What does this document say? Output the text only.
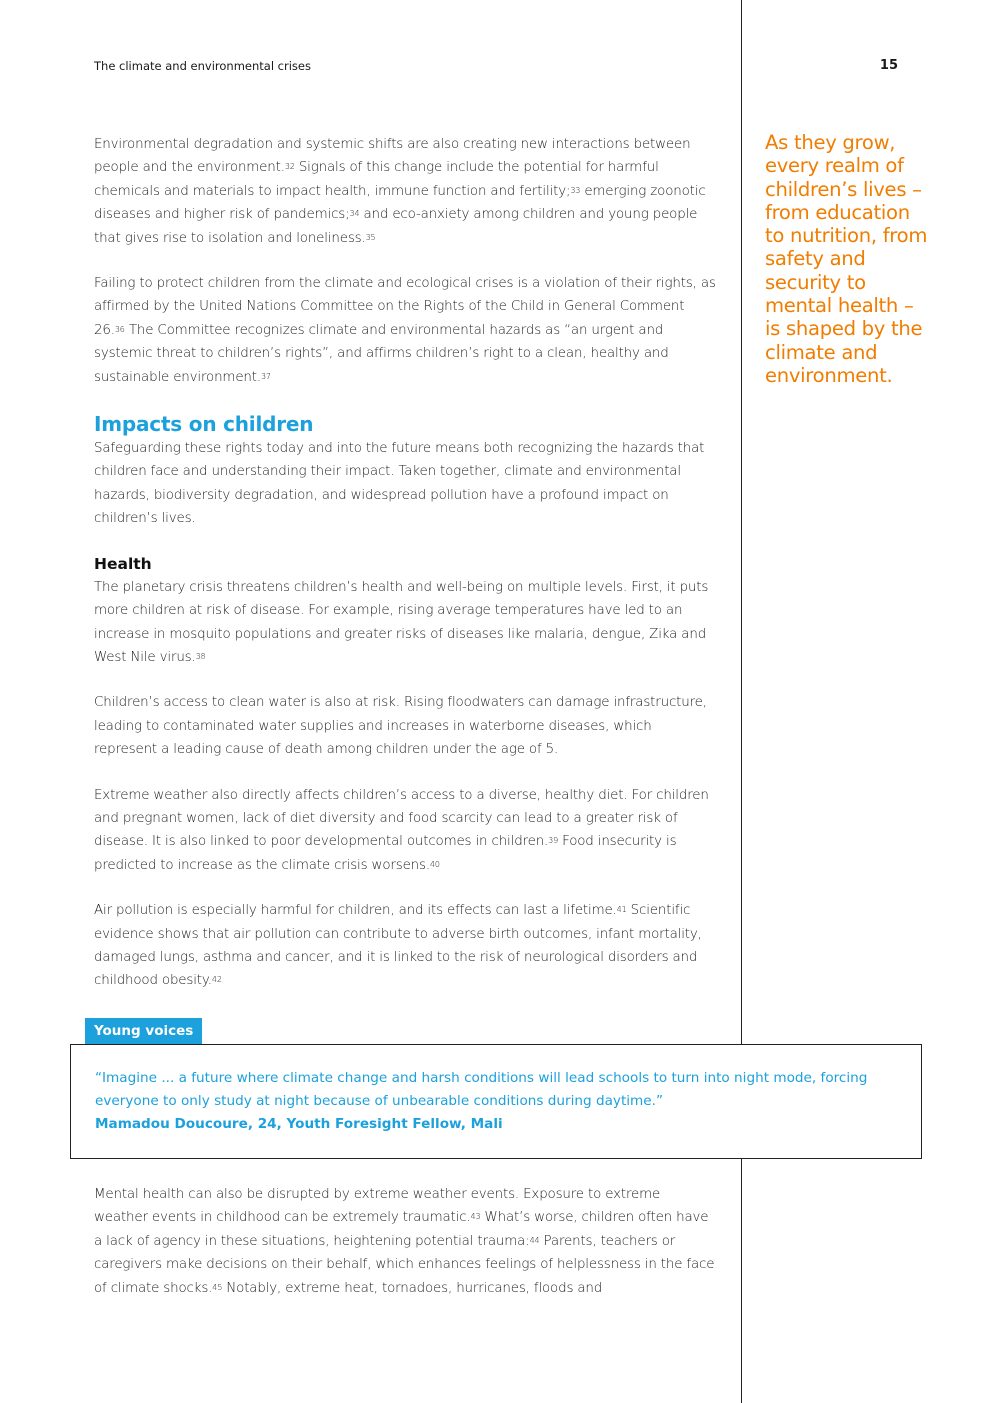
The climate and environmental crises	15

Environmental degradation and systemic shifts are also creating new interactions between people and the environment.$^{32}$ Signals of this change include the potential for harmful chemicals and materials to impact health, immune function and fertility;$^{33}$ emerging zoonotic diseases and higher risk of pandemics;$^{34}$ and eco-anxiety among children and young people that gives rise to isolation and loneliness.$^{35}$

Failing to protect children from the climate and ecological crises is a violation of their rights, as affirmed by the United Nations Committee on the Rights of the Child in General Comment 26.36 The Committee recognizes climate and environmental hazards as “an urgent and systemic threat to children’s rights”, and affirms children’s right to a clean, healthy and sustainable environment.$^{37}$

Impacts on children

Safeguarding these rights today and into the future means both recognizing the hazards that children face and understanding their impact. Taken together, climate and environmental hazards, biodiversity degradation, and widespread pollution have a profound impact on children’s lives.

Health

The planetary crisis threatens children’s health and well-being on multiple levels. First, it puts more children at risk of disease. For example, rising average temperatures have led to an increase in mosquito populations and greater risks of diseases like malaria, dengue, Zika and West Nile virus.$^{38}$

Children’s access to clean water is also at risk. Rising floodwaters can damage infrastructure, leading to contaminated water supplies and increases in waterborne diseases, which represent a leading cause of death among children under the age of 5.

Extreme weather also directly affects children’s access to a diverse, healthy diet. For children and pregnant women, lack of diet diversity and food scarcity can lead to a greater risk of disease. It is also linked to poor developmental outcomes in children.$^{39}$ Food insecurity is predicted to increase as the climate crisis worsens.$^{40}$

Air pollution is especially harmful for children, and its effects can last a lifetime.$^{41}$ Scientific evidence shows that air pollution can contribute to adverse birth outcomes, infant mortality, damaged lungs, asthma and cancer, and it is linked to the risk of neurological disorders and childhood obesity.$^{42}$

As they grow, every realm of children’s lives – from education to nutrition, from safety and security to mental health – is shaped by the climate and environment.
“Imagine ... a future where climate change and harsh conditions will lead schools to turn into night mode, forcing everyone to only study at night because of unbearable conditions during daytime.”
Mamadou Doucoure, 24, Youth Foresight Fellow, Mali
Young voices
Mental health can also be disrupted by extreme weather events. Exposure to extreme weather events in childhood can be extremely traumatic.$^{43}$ What’s worse, children often have a lack of agency in these situations, heightening potential trauma:$^{44}$ Parents, teachers or caregivers make decisions on their behalf, which enhances feelings of helplessness in the face of climate shocks.$^{45}$ Notably, extreme heat, tornadoes, hurricanes, floods and
